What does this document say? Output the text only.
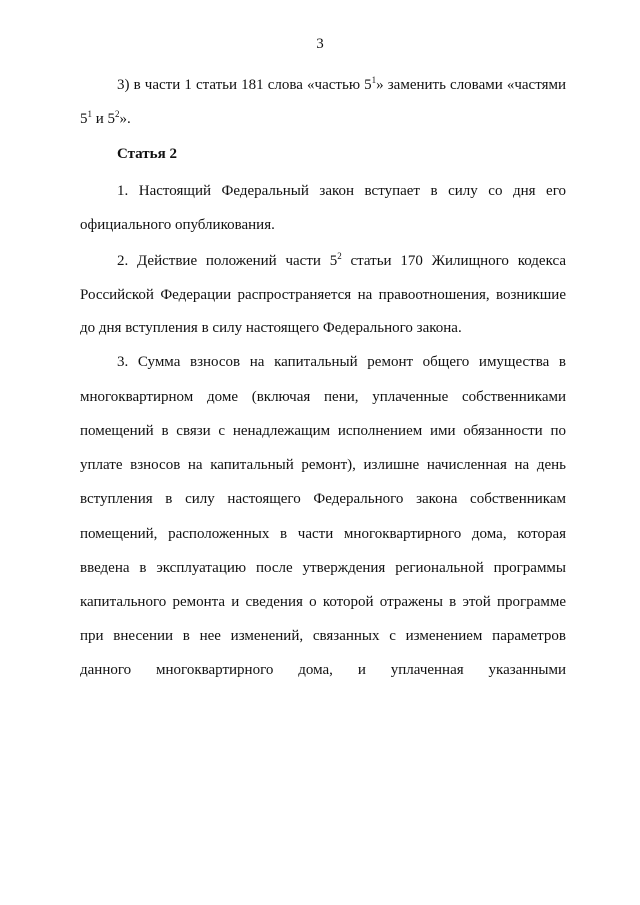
3
3) в части 1 статьи 181 слова «частью $5^1$» заменить словами «частями
$5^1$ и $5^2$».
Статья 2
1. Настоящий Федеральный закон вступает в силу со дня его
официального опубликования.
2. Действие положений части $5^2$ статьи 170 Жилищного кодекса
Российской Федерации распространяется на правоотношения, возникшие
до дня вступления в силу настоящего Федерального закона.
3. Сумма взносов на капитальный ремонт общего имущества в
многоквартирном доме (включая пени, уплаченные собственниками
помещений в связи с ненадлежащим исполнением ими обязанности по
уплате взносов на капитальный ремонт), излишне начисленная на день
вступления в силу настоящего Федерального закона собственникам
помещений, расположенных в части многоквартирного дома, которая
введена в эксплуатацию после утверждения региональной программы
капитального ремонта и сведения о которой отражены в этой программе
при внесении в нее изменений, связанных с изменением параметров
данного многоквартирного дома, и уплаченная указанными
